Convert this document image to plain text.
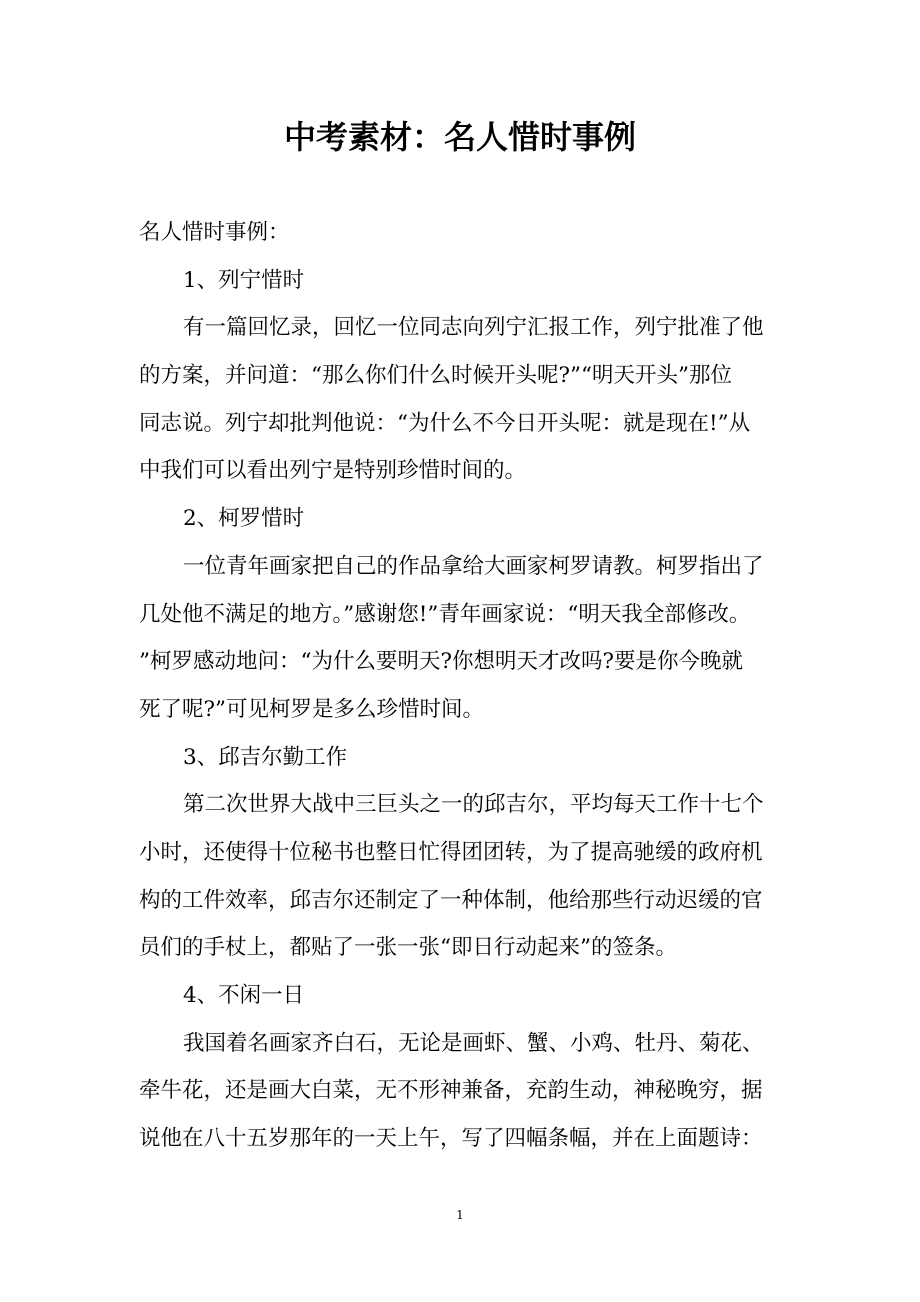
中考素材：名人惜时事例
名人惜时事例：
1、列宁惜时
有一篇回忆录，回忆一位同志向列宁汇报工作，列宁批准了他
的方案，并问道：“那么你们什么时候开头呢?”“明天开头”那位
同志说。列宁却批判他说：“为什么不今日开头呢：就是现在!”从
中我们可以看出列宁是特别珍惜时间的。
2、柯罗惜时
一位青年画家把自己的作品拿给大画家柯罗请教。柯罗指出了
几处他不满足的地方。”感谢您!”青年画家说：“明天我全部修改。
”柯罗感动地问：“为什么要明天?你想明天才改吗?要是你今晚就
死了呢?”可见柯罗是多么珍惜时间。
3、邱吉尔勤工作
第二次世界大战中三巨头之一的邱吉尔，平均每天工作十七个
小时，还使得十位秘书也整日忙得团团转，为了提高驰缓的政府机
构的工件效率，邱吉尔还制定了一种体制，他给那些行动迟缓的官
员们的手杖上，都贴了一张一张“即日行动起来”的签条。
4、不闲一日
我国着名画家齐白石，无论是画虾、蟹、小鸡、牡丹、菊花、
牵牛花，还是画大白菜，无不形神兼备，充韵生动，神秘晚穷，据
说他在八十五岁那年的一天上午，写了四幅条幅，并在上面题诗：
1
